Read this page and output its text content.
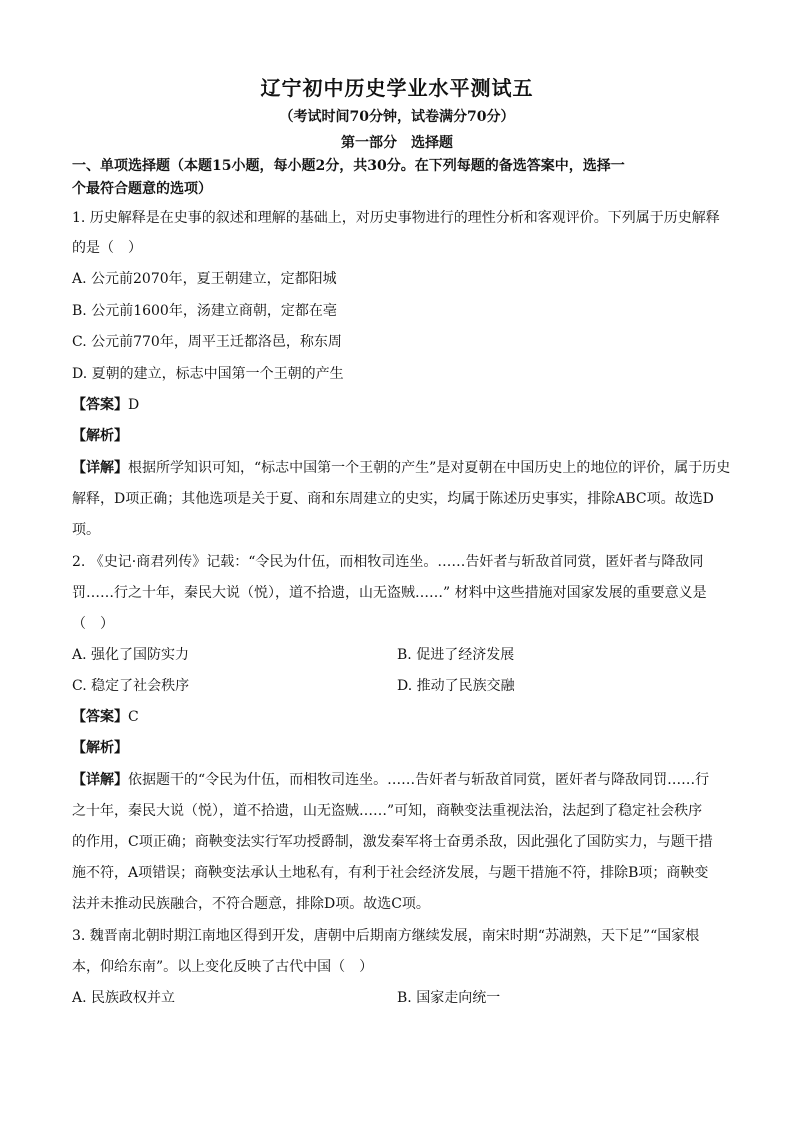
辽宁初中历史学业水平测试五
（考试时间70分钟，试卷满分70分）
第一部分　选择题
一、单项选择题（本题15小题，每小题2分，共30分。在下列每题的备选答案中，选择一
个最符合题意的选项）
1. 历史解释是在史事的叙述和理解的基础上，对历史事物进行的理性分析和客观评价。下列属于历史解释
的是（　）
A. 公元前2070年，夏王朝建立，定都阳城
B. 公元前1600年，汤建立商朝，定都在亳
C. 公元前770年，周平王迁都洛邑，称东周
D. 夏朝的建立，标志中国第一个王朝的产生
【答案】D
【解析】
【详解】根据所学知识可知，“标志中国第一个王朝的产生”是对夏朝在中国历史上的地位的评价，属于历史
解释，D项正确；其他选项是关于夏、商和东周建立的史实，均属于陈述历史事实，排除ABC项。故选D
项。
2. 《史记·商君列传》记载：“令民为什伍，而相牧司连坐。……告奸者与斩敌首同赏，匿奸者与降敌同
罚……行之十年，秦民大说（悦），道不拾遗，山无盗贼……” 材料中这些措施对国家发展的重要意义是
（　）
A. 强化了国防实力	B. 促进了经济发展
C. 稳定了社会秩序	D. 推动了民族交融
【答案】C
【解析】
【详解】依据题干的“令民为什伍，而相牧司连坐。……告奸者与斩敌首同赏，匿奸者与降敌同罚……行
之十年，秦民大说（悦），道不拾遗，山无盗贼……”可知，商鞅变法重视法治，法起到了稳定社会秩序
的作用，C项正确；商鞅变法实行军功授爵制，激发秦军将士奋勇杀敌，因此强化了国防实力，与题干措
施不符，A项错误；商鞅变法承认土地私有，有利于社会经济发展，与题干措施不符，排除B项；商鞅变
法并未推动民族融合，不符合题意，排除D项。故选C项。
3. 魏晋南北朝时期江南地区得到开发，唐朝中后期南方继续发展，南宋时期“苏湖熟，天下足”“国家根
本，仰给东南”。以上变化反映了古代中国（　）
A. 民族政权并立	B. 国家走向统一
